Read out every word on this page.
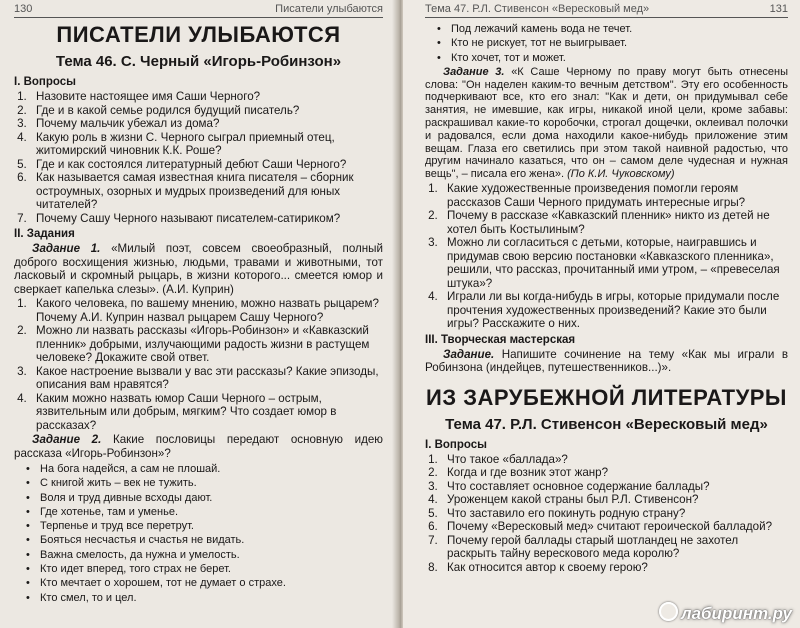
130	Писатели улыбаются
ПИСАТЕЛИ УЛЫБАЮТСЯ
Тема 46. С. Черный «Игорь-Робинзон»
I. Вопросы
1. Назовите настоящее имя Саши Черного?
2. Где и в какой семье родился будущий писатель?
3. Почему мальчик убежал из дома?
4. Какую роль в жизни С. Черного сыграл приемный отец, житомирский чиновник К.К. Роше?
5. Где и как состоялся литературный дебют Саши Черного?
6. Как называется самая известная книга писателя – сборник остроумных, озорных и мудрых произведений для юных читателей?
7. Почему Сашу Черного называют писателем-сатириком?
II. Задания
Задание 1. «Милый поэт, совсем своеобразный, полный доброго восхищения жизнью, людьми, травами и животными, тот ласковый и скромный рыцарь, в жизни которого... смеется юмор и сверкает капелька слезы». (А.И. Куприн)
1. Какого человека, по вашему мнению, можно назвать рыцарем? Почему А.И. Куприн назвал рыцарем Сашу Черного?
2. Можно ли назвать рассказы «Игорь-Робинзон» и «Кавказский пленник» добрыми, излучающими радость жизни в растущем человеке? Докажите свой ответ.
3. Какое настроение вызвали у вас эти рассказы? Какие эпизоды, описания вам нравятся?
4. Каким можно назвать юмор Саши Черного – острым, язвительным или добрым, мягким? Что создает юмор в рассказах?
Задание 2. Какие пословицы передают основную идею рассказа «Игорь-Робинзон»?
• На бога надейся, а сам не плошай.
• С книгой жить – век не тужить.
• Воля и труд дивные всходы дают.
• Где хотенье, там и уменье.
• Терпенье и труд все перетрут.
• Бояться несчастья и счастья не видать.
• Важна смелость, да нужна и умелость.
• Кто идет вперед, того страх не берет.
• Кто мечтает о хорошем, тот не думает о страхе.
• Кто смел, то и цел.
Тема 47. Р.Л. Стивенсон «Вересковый мед»	131
• Под лежачий камень вода не течет.
• Кто не рискует, тот не выигрывает.
• Кто хочет, тот и может.
Задание 3. «К Саше Черному по праву могут быть отнесены слова: "Он наделен каким-то вечным детством". Эту его особенность подчеркивают все, кто его знал: "Как и дети, он придумывал себе занятия, не имевшие, как игры, никакой иной цели, кроме забавы: раскрашивал какие-то коробочки, строгал дощечки, оклеивал полочки и радовался, если дома находили какое-нибудь приложение этим вещам. Глаза его светились при этом такой наивной радостью, что другим начинало казаться, что он – самом деле чудесная и нужная вещь", – писала его жена». (По К.И. Чуковскому)
1. Какие художественные произведения помогли героям рассказов Саши Черного придумать интересные игры?
2. Почему в рассказе «Кавказский пленник» никто из детей не хотел быть Костылиным?
3. Можно ли согласиться с детьми, которые, наигравшись и придумав свою версию постановки «Кавказского пленника», решили, что рассказ, прочитанный ими утром, – «превеселая штука»?
4. Играли ли вы когда-нибудь в игры, которые придумали после прочтения художественных произведений? Какие это были игры? Расскажите о них.
III. Творческая мастерская
Задание. Напишите сочинение на тему «Как мы играли в Робинзона (индейцев, путешественников...)».
ИЗ ЗАРУБЕЖНОЙ ЛИТЕРАТУРЫ
Тема 47. Р.Л. Стивенсон «Вересковый мед»
I. Вопросы
1. Что такое «баллада»?
2. Когда и где возник этот жанр?
3. Что составляет основное содержание баллады?
4. Уроженцем какой страны был Р.Л. Стивенсон?
5. Что заставило его покинуть родную страну?
6. Почему «Вересковый мед» считают героической балладой?
7. Почему герой баллады старый шотландец не захотел раскрыть тайну верескового меда королю?
8. Как относится автор к своему герою?
лабиринт.ру
